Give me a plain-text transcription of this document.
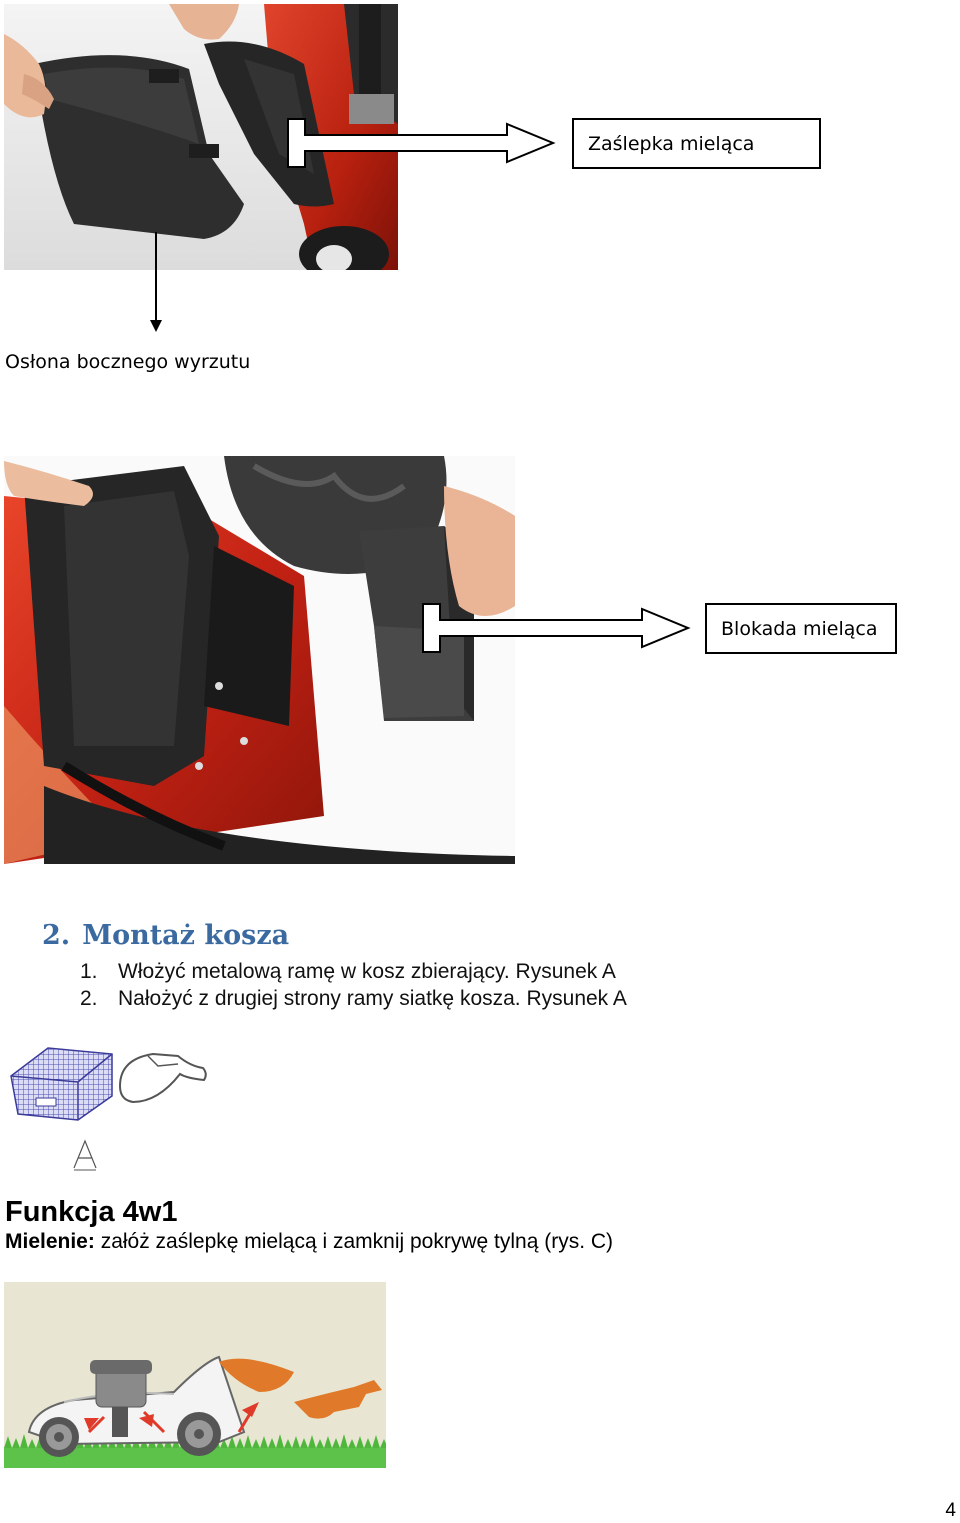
Zaślepka mieląca
Osłona bocznego wyrzutu
Blokada mieląca
2. Montaż kosza
1. Włożyć metalową ramę w kosz zbierający. Rysunek A
2. Nałożyć z drugiej strony ramy siatkę kosza. Rysunek A
Funkcja 4w1
Mielenie: załóż zaślepkę mielącą i zamknij pokrywę tylną (rys. C)
4
